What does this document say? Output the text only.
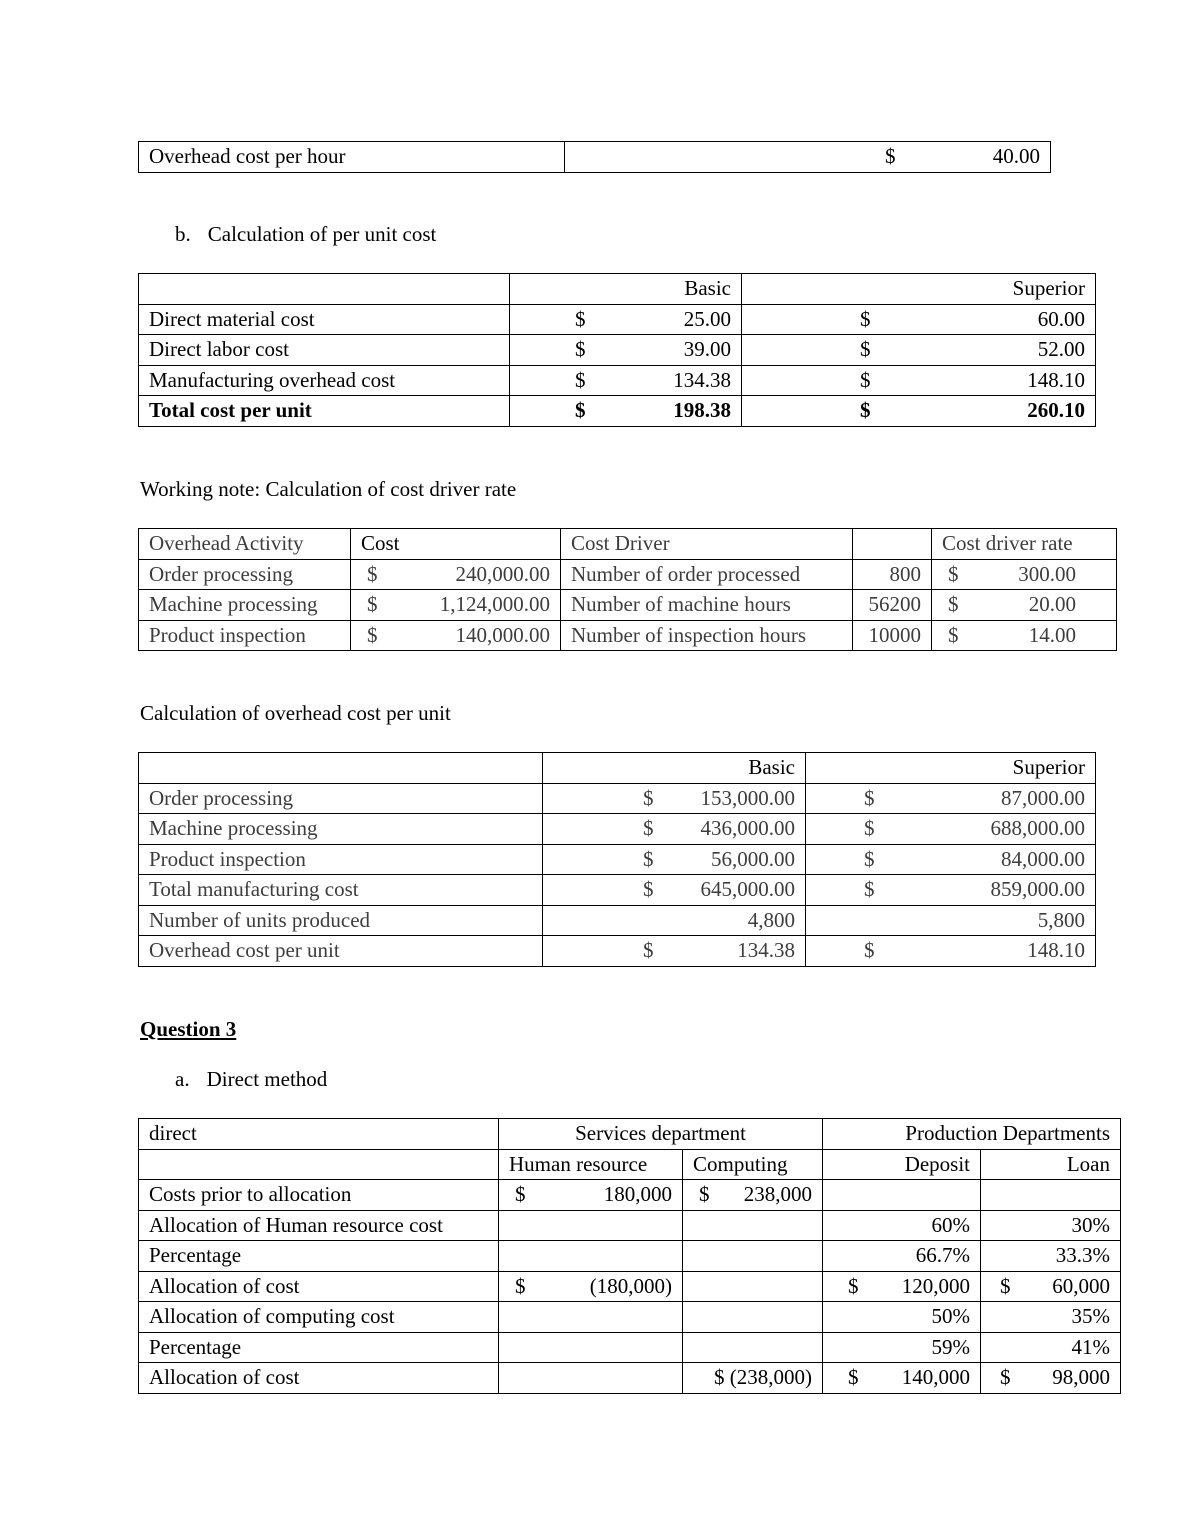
Overhead cost per hour	$	40.00
b. Calculation of per unit cost
	Basic	Superior
Direct material cost	$ 25.00	$ 60.00

Direct labor cost	$ 39.00	$ 52.00

Manufacturing overhead cost	$ 134.38	$ 148.10

Total cost per unit	$ 198.38	$ 260.10
Working note: Calculation of cost driver rate
Overhead Activity	Cost	Cost Driver		Cost driver rate
Order processing	$ 240,000.00	Number of order processed	800	$ 300.00

Machine processing	$ 1,124,000.00	Number of machine hours	56200	$ 20.00

Product inspection	$ 140,000.00	Number of inspection hours	10000	$ 14.00
Calculation of overhead cost per unit
	Basic	Superior
Order processing	$ 153,000.00	$ 87,000.00

Machine processing	$ 436,000.00	$ 688,000.00

Product inspection	$ 56,000.00	$ 84,000.00

Total manufacturing cost	$ 645,000.00	$ 859,000.00

Number of units produced	4,800	5,800
Overhead cost per unit	$ 134.38	$ 148.10
Question 3
a. Direct method
direct	Services department		Production Departments	
	Human resource	Computing	Deposit	Loan
Costs prior to allocation	$ 180,000	$ 238,000		

Allocation of Human resource cost			60%	30%
Percentage			66.7%	33.3%
Allocation of cost	$ (180,000)		$ 120,000	$ 60,000

Allocation of computing cost			50%	35%
Percentage			59%	41%
Allocation of cost		$ (238,000)	$ 140,000	$ 98,000
